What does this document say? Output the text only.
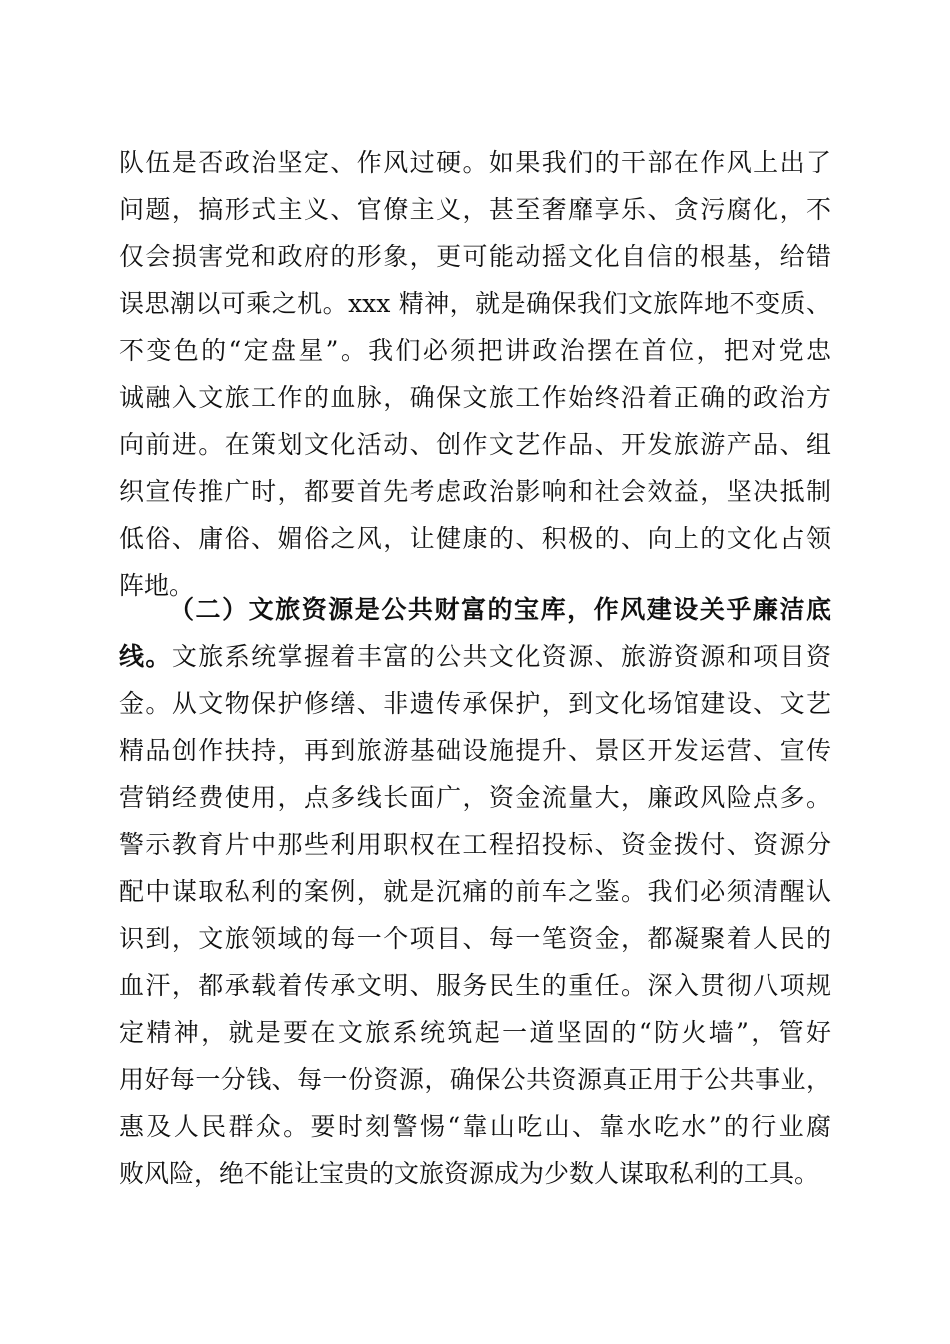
队伍是否政治坚定、作风过硬。如果我们的干部在作风上出了
问题，搞形式主义、官僚主义，甚至奢靡享乐、贪污腐化，不
仅会损害党和政府的形象，更可能动摇文化自信的根基，给错
误思潮以可乘之机。xxx 精神，就是确保我们文旅阵地不变质、
不变色的“定盘星”。我们必须把讲政治摆在首位，把对党忠
诚融入文旅工作的血脉，确保文旅工作始终沿着正确的政治方
向前进。在策划文化活动、创作文艺作品、开发旅游产品、组
织宣传推广时，都要首先考虑政治影响和社会效益，坚决抵制
低俗、庸俗、媚俗之风，让健康的、积极的、向上的文化占领
阵地。
（二）文旅资源是公共财富的宝库，作风建设关乎廉洁底
线。文旅系统掌握着丰富的公共文化资源、旅游资源和项目资
金。从文物保护修缮、非遗传承保护，到文化场馆建设、文艺
精品创作扶持，再到旅游基础设施提升、景区开发运营、宣传
营销经费使用，点多线长面广，资金流量大，廉政风险点多。
警示教育片中那些利用职权在工程招投标、资金拨付、资源分
配中谋取私利的案例，就是沉痛的前车之鉴。我们必须清醒认
识到，文旅领域的每一个项目、每一笔资金，都凝聚着人民的
血汗，都承载着传承文明、服务民生的重任。深入贯彻八项规
定精神，就是要在文旅系统筑起一道坚固的“防火墙”，管好
用好每一分钱、每一份资源，确保公共资源真正用于公共事业，
惠及人民群众。要时刻警惕“靠山吃山、靠水吃水”的行业腐
败风险，绝不能让宝贵的文旅资源成为少数人谋取私利的工具。
